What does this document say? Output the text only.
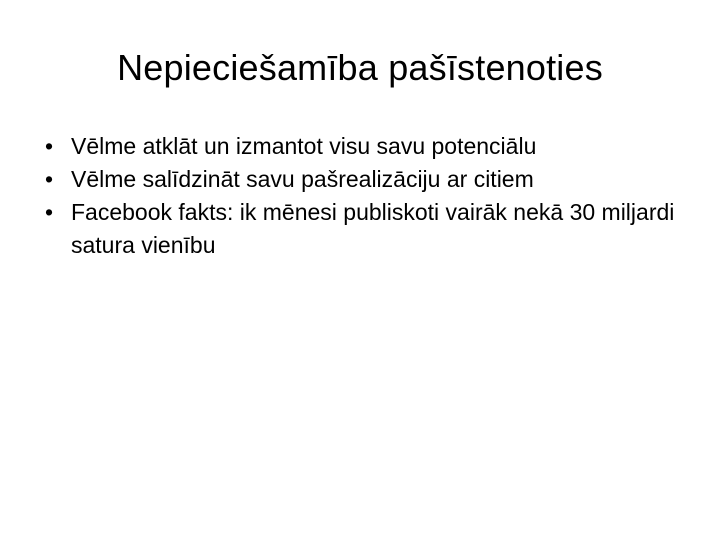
Nepieciešamība pašīstenoties
• Vēlme atklāt un izmantot visu savu potenciālu
• Vēlme salīdzināt savu pašrealizāciju ar citiem
• Facebook fakts: ik mēnesi publiskoti vairāk nekā 30 miljardi satura vienību
